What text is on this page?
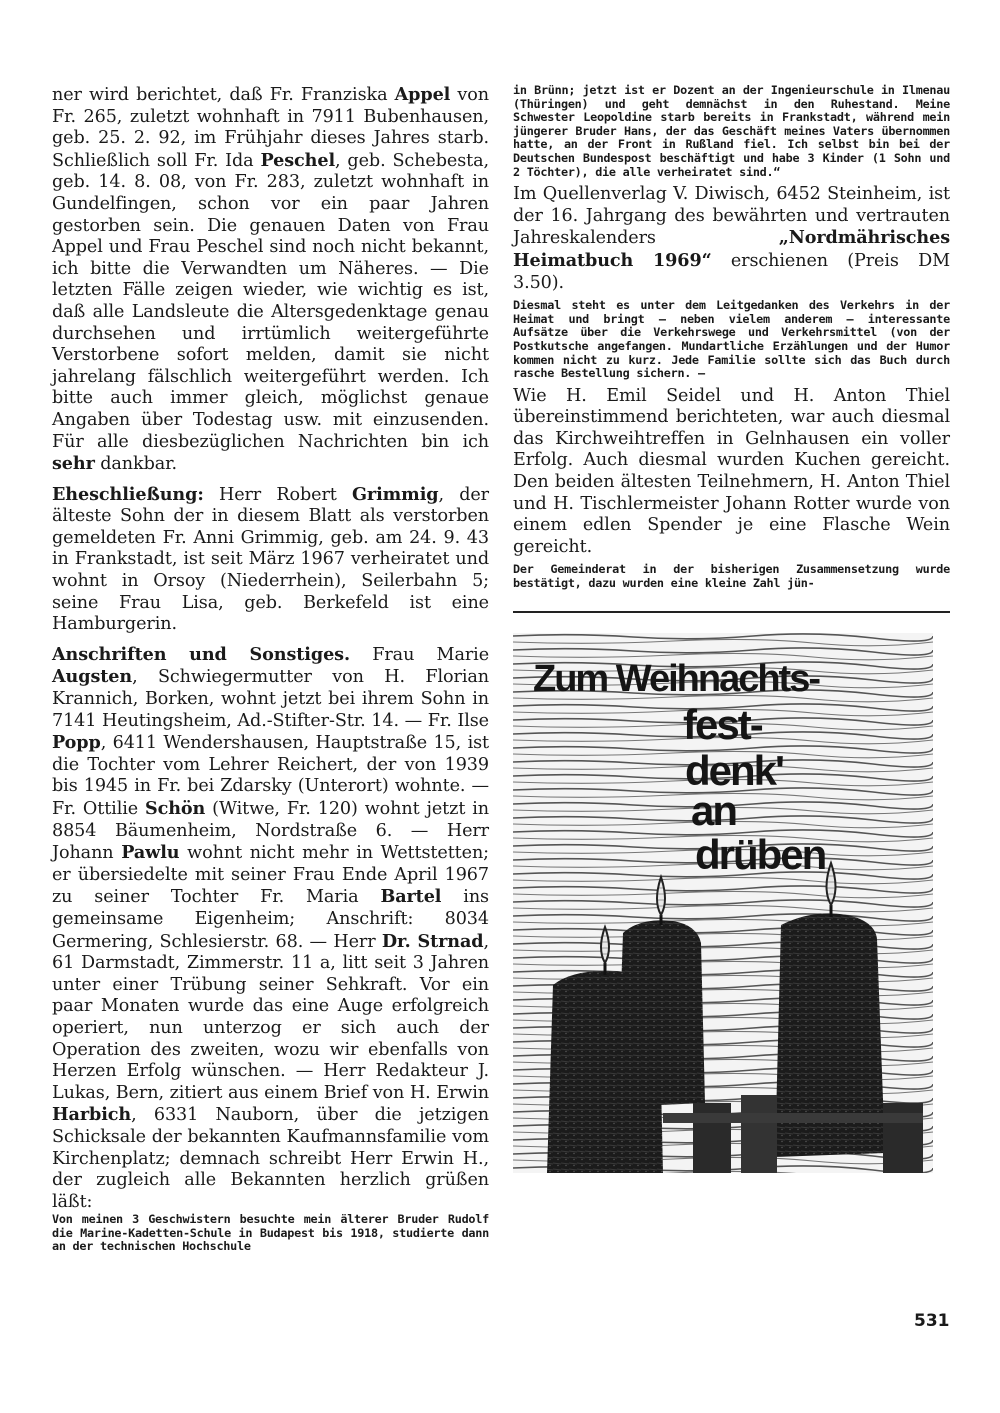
ner wird berichtet, daß Fr. Franziska Appel von Fr. 265, zuletzt wohnhaft in 7911 Bubenhausen, geb. 25. 2. 92, im Frühjahr dieses Jahres starb. Schließlich soll Fr. Ida Peschel, geb. Schebesta, geb. 14. 8. 08, von Fr. 283, zuletzt wohnhaft in Gundelfingen, schon vor ein paar Jahren gestorben sein. Die genauen Daten von Frau Appel und Frau Peschel sind noch nicht bekannt, ich bitte die Verwandten um Näheres. — Die letzten Fälle zeigen wieder, wie wichtig es ist, daß alle Landsleute die Altersgedenktage genau durchsehen und irrtümlich weitergeführte Verstorbene sofort melden, damit sie nicht jahrelang fälschlich weitergeführt werden. Ich bitte auch immer gleich, möglichst genaue Angaben über Todestag usw. mit einzusenden. Für alle diesbezüglichen Nachrichten bin ich sehr dankbar.

Eheschließung: Herr Robert Grimmig, der älteste Sohn der in diesem Blatt als verstorben gemeldeten Fr. Anni Grimmig, geb. am 24. 9. 43 in Frankstadt, ist seit März 1967 verheiratet und wohnt in Orsoy (Niederrhein), Seilerbahn 5; seine Frau Lisa, geb. Berkefeld ist eine Hamburgerin.

Anschriften und Sonstiges. Frau Marie Augsten, Schwiegermutter von H. Florian Krannich, Borken, wohnt jetzt bei ihrem Sohn in 7141 Heutingsheim, Ad.-Stifter-Str. 14. — Fr. Ilse Popp, 6411 Wendershausen, Hauptstraße 15, ist die Tochter vom Lehrer Reichert, der von 1939 bis 1945 in Fr. bei Zdarsky (Unterort) wohnte. — Fr. Ottilie Schön (Witwe, Fr. 120) wohnt jetzt in 8854 Bäumenheim, Nordstraße 6. — Herr Johann Pawlu wohnt nicht mehr in Wettstetten; er übersiedelte mit seiner Frau Ende April 1967 zu seiner Tochter Fr. Maria Bartel ins gemeinsame Eigenheim; Anschrift: 8034 Germering, Schlesierstr. 68. — Herr Dr. Strnad, 61 Darmstadt, Zimmerstr. 11 a, litt seit 3 Jahren unter einer Trübung seiner Sehkraft. Vor ein paar Monaten wurde das eine Auge erfolgreich operiert, nun unterzog er sich auch der Operation des zweiten, wozu wir ebenfalls von Herzen Erfolg wünschen. — Herr Redakteur J. Lukas, Bern, zitiert aus einem Brief von H. Erwin Harbich, 6331 Nauborn, über die jetzigen Schicksale der bekannten Kaufmannsfamilie vom Kirchenplatz; demnach schreibt Herr Erwin H., der zugleich alle Bekannten herzlich grüßen läßt:

Von meinen 3 Geschwistern besuchte mein älterer Bruder Rudolf die Marine-Kadetten-Schule in Budapest bis 1918, studierte dann an der technischen Hochschule

in Brünn; jetzt ist er Dozent an der Ingenieurschule in Ilmenau (Thüringen) und geht demnächst in den Ruhestand. Meine Schwester Leopoldine starb bereits in Frankstadt, während mein jüngerer Bruder Hans, der das Geschäft meines Vaters übernommen hatte, an der Front in Rußland fiel. Ich selbst bin bei der Deutschen Bundespost beschäftigt und habe 3 Kinder (1 Sohn und 2 Töchter), die alle verheiratet sind.“

Im Quellenverlag V. Diwisch, 6452 Steinheim, ist der 16. Jahrgang des bewährten und vertrauten Jahreskalenders „Nordmährisches Heimatbuch 1969“ erschienen (Preis DM 3.50).

Diesmal steht es unter dem Leitgedanken des Verkehrs in der Heimat und bringt — neben vielem anderem — interessante Aufsätze über die Verkehrswege und Verkehrsmittel (von der Postkutsche angefangen. Mundartliche Erzählungen und der Humor kommen nicht zu kurz. Jede Familie sollte sich das Buch durch rasche Bestellung sichern. —

Wie H. Emil Seidel und H. Anton Thiel übereinstimmend berichteten, war auch diesmal das Kirchweihtreffen in Gelnhausen ein voller Erfolg. Auch diesmal wurden Kuchen gereicht. Den beiden ältesten Teilnehmern, H. Anton Thiel und H. Tischlermeister Johann Rotter wurde von einem edlen Spender je eine Flasche Wein gereicht.

Der Gemeinderat in der bisherigen Zusammensetzung wurde bestätigt, dazu wurden eine kleine Zahl jün-

Zum Weihnachts-
fest-
denk'
an
drüben
531
